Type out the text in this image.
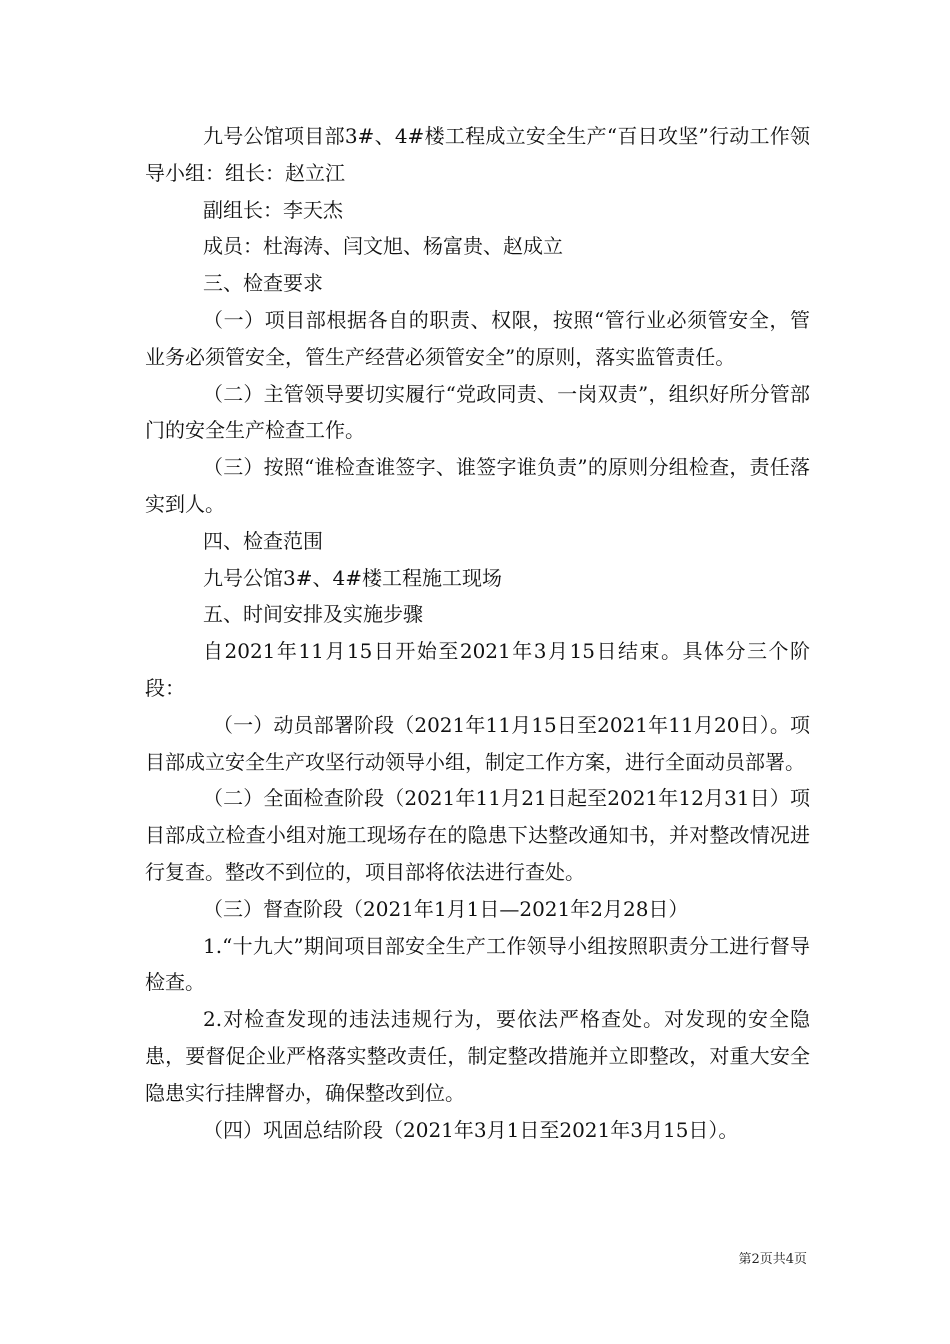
九号公馆项目部3#、4#楼工程成立安全生产“百日攻坚”行动工作领导小组：组长：赵立江

副组长：李天杰

成员：杜海涛、闫文旭、杨富贵、赵成立

三、检查要求

（一）项目部根据各自的职责、权限，按照“管行业必须管安全，管业务必须管安全，管生产经营必须管安全”的原则，落实监管责任。

（二）主管领导要切实履行“党政同责、一岗双责”，组织好所分管部门的安全生产检查工作。

（三）按照“谁检查谁签字、谁签字谁负责”的原则分组检查，责任落实到人。

四、检查范围

九号公馆3#、4#楼工程施工现场

五、时间安排及实施步骤

自2021年11月15日开始至2021年3月15日结束。具体分三个阶段：

（一）动员部署阶段（2021年11月15日至2021年11月20日）。项目部成立安全生产攻坚行动领导小组，制定工作方案，进行全面动员部署。

（二）全面检查阶段（2021年11月21日起至2021年12月31日）项目部成立检查小组对施工现场存在的隐患下达整改通知书，并对整改情况进行复查。整改不到位的，项目部将依法进行查处。

（三）督查阶段（2021年1月1日—2021年2月28日）

1.“十九大”期间项目部安全生产工作领导小组按照职责分工进行督导检查。

2.对检查发现的违法违规行为，要依法严格查处。对发现的安全隐患，要督促企业严格落实整改责任，制定整改措施并立即整改，对重大安全隐患实行挂牌督办，确保整改到位。

（四）巩固总结阶段（2021年3月1日至2021年3月15日）。

第2页共4页
